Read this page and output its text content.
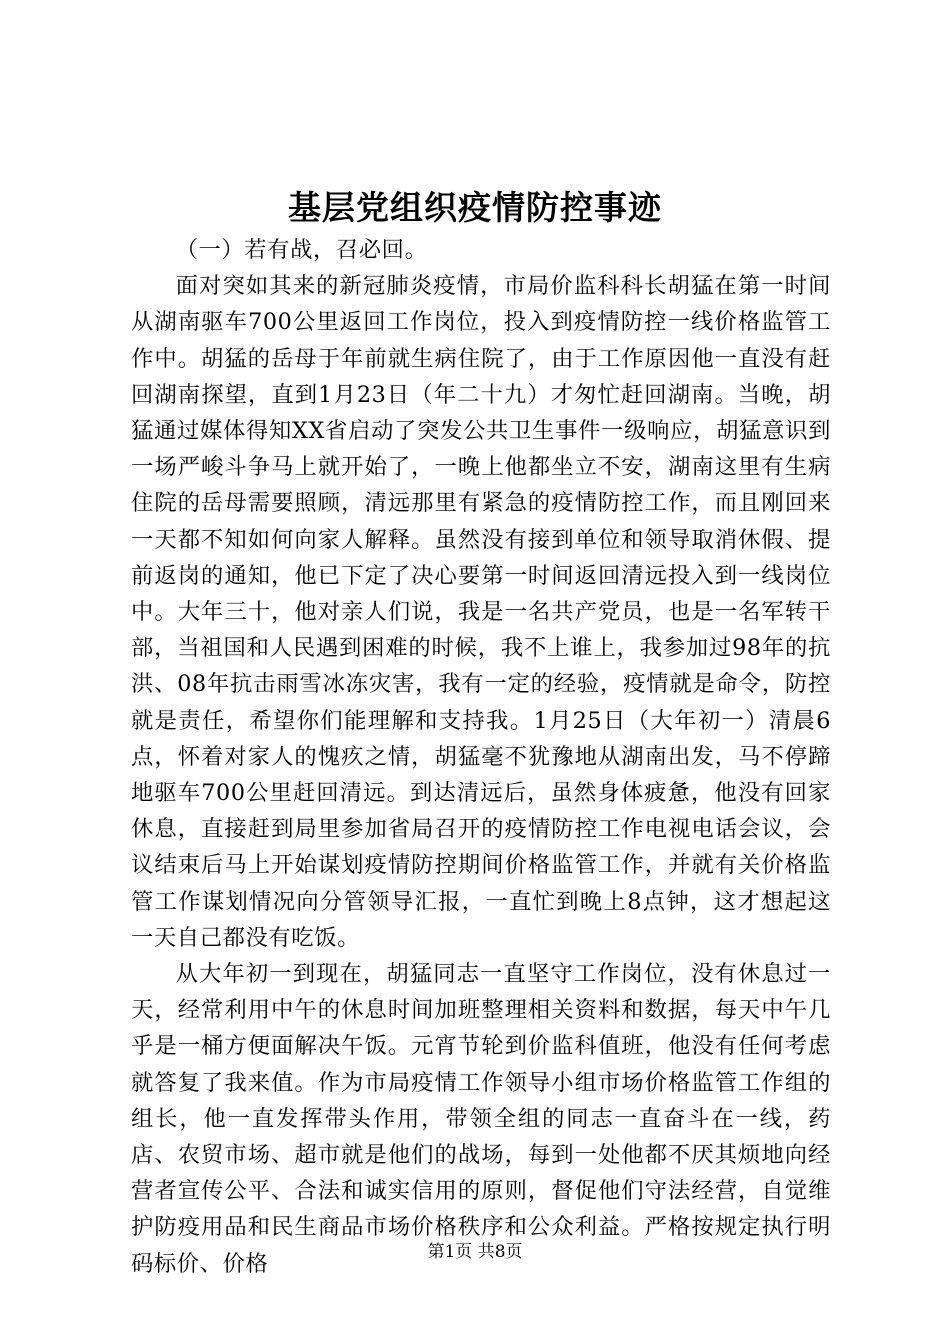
基层党组织疫情防控事迹

（一）若有战，召必回。

面对突如其来的新冠肺炎疫情，市局价监科科长胡猛在第一时间从湖南驱车700公里返回工作岗位，投入到疫情防控一线价格监管工作中。胡猛的岳母于年前就生病住院了，由于工作原因他一直没有赶回湖南探望，直到1月23日（年二十九）才匆忙赶回湖南。当晚，胡猛通过媒体得知XX省启动了突发公共卫生事件一级响应，胡猛意识到一场严峻斗争马上就开始了，一晚上他都坐立不安，湖南这里有生病住院的岳母需要照顾，清远那里有紧急的疫情防控工作，而且刚回来一天都不知如何向家人解释。虽然没有接到单位和领导取消休假、提前返岗的通知，他已下定了决心要第一时间返回清远投入到一线岗位中。大年三十，他对亲人们说，我是一名共产党员，也是一名军转干部，当祖国和人民遇到困难的时候，我不上谁上，我参加过98年的抗洪、08年抗击雨雪冰冻灾害，我有一定的经验，疫情就是命令，防控就是责任，希望你们能理解和支持我。1月25日（大年初一）清晨6点，怀着对家人的愧疚之情，胡猛毫不犹豫地从湖南出发，马不停蹄地驱车700公里赶回清远。到达清远后，虽然身体疲惫，他没有回家休息，直接赶到局里参加省局召开的疫情防控工作电视电话会议，会议结束后马上开始谋划疫情防控期间价格监管工作，并就有关价格监管工作谋划情况向分管领导汇报，一直忙到晚上8点钟，这才想起这一天自己都没有吃饭。

从大年初一到现在，胡猛同志一直坚守工作岗位，没有休息过一天，经常利用中午的休息时间加班整理相关资料和数据，每天中午几乎是一桶方便面解决午饭。元宵节轮到价监科值班，他没有任何考虑就答复了我来值。作为市局疫情工作领导小组市场价格监管工作组的组长，他一直发挥带头作用，带领全组的同志一直奋斗在一线，药店、农贸市场、超市就是他们的战场，每到一处他都不厌其烦地向经营者宣传公平、合法和诚实信用的原则，督促他们守法经营，自觉维护防疫用品和民生商品市场价格秩序和公众利益。严格按规定执行明码标价、价格	第1页 共8页
